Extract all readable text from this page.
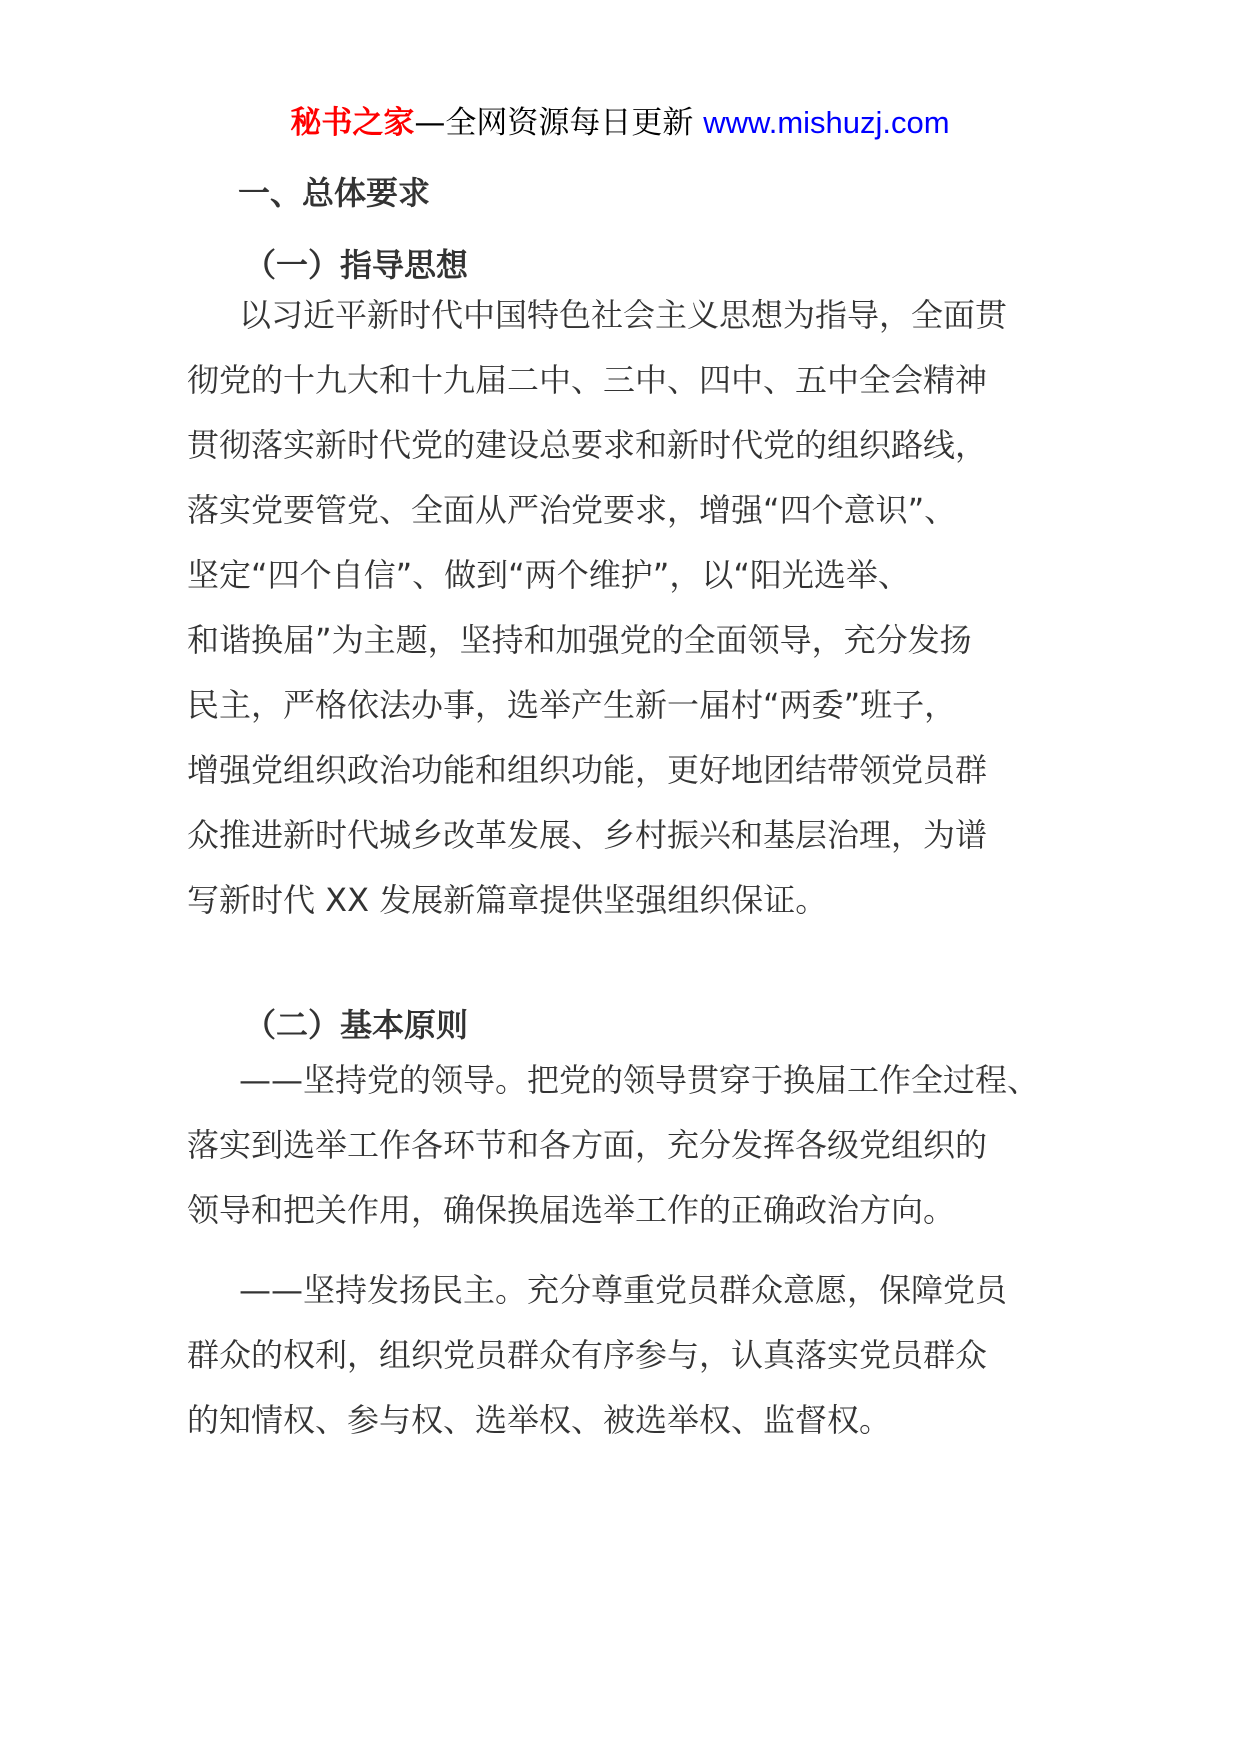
秘书之家—全网资源每日更新 www.mishuzj.com
一、总体要求
（一）指导思想
以习近平新时代中国特色社会主义思想为指导，全面贯
彻党的十九大和十九届二中、三中、四中、五中全会精神
贯彻落实新时代党的建设总要求和新时代党的组织路线，
落实党要管党、全面从严治党要求，增强“四个意识”、
坚定“四个自信”、做到“两个维护”，以“阳光选举、
和谐换届”为主题，坚持和加强党的全面领导，充分发扬
民主，严格依法办事，选举产生新一届村“两委”班子，
增强党组织政治功能和组织功能，更好地团结带领党员群
众推进新时代城乡改革发展、乡村振兴和基层治理，为谱
写新时代 XX 发展新篇章提供坚强组织保证。
（二）基本原则
——坚持党的领导。把党的领导贯穿于换届工作全过程、
落实到选举工作各环节和各方面，充分发挥各级党组织的
领导和把关作用，确保换届选举工作的正确政治方向。
——坚持发扬民主。充分尊重党员群众意愿，保障党员
群众的权利，组织党员群众有序参与，认真落实党员群众
的知情权、参与权、选举权、被选举权、监督权。
